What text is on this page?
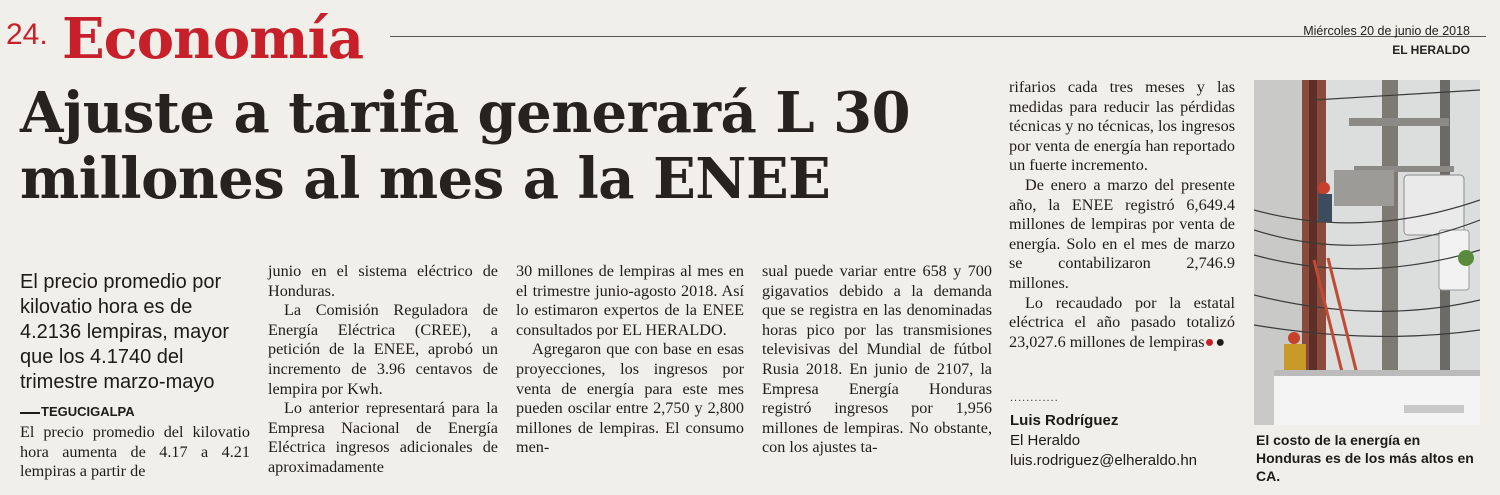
24. Economía	Miércoles 20 de junio de 2018
EL HERALDO
Ajuste a tarifa generará L 30
millones al mes a la ENEE

El precio promedio por kilovatio hora es de 4.2136 lempiras, mayor que los 4.1740 del trimestre marzo-mayo

TEGUCIGALPA

El precio promedio del kilovatio hora aumenta de 4.17 a 4.21 lempiras a partir de

junio en el sistema eléctrico de Honduras.

La Comisión Reguladora de Energía Eléctrica (CREE), a petición de la ENEE, aprobó un incremento de 3.96 centavos de lempira por Kwh.

Lo anterior representará para la Empresa Nacional de Energía Eléctrica ingresos adicionales de aproximadamente

30 millones de lempiras al mes en el trimestre junio-agosto 2018. Así lo estimaron expertos de la ENEE consultados por EL HERALDO.

Agregaron que con base en esas proyecciones, los ingresos por venta de energía para este mes pueden oscilar entre 2,750 y 2,800 millones de lempiras. El consumo men-

sual puede variar entre 658 y 700 gigavatios debido a la demanda que se registra en las denominadas horas pico por las transmisiones televisivas del Mundial de fútbol Rusia 2018. En junio de 2107, la Empresa Energía Honduras registró ingresos por 1,956 millones de lempiras. No obstante, con los ajustes ta-

rifarios cada tres meses y las medidas para reducir las pérdidas técnicas y no técnicas, los ingresos por venta de energía han reportado un fuerte incremento.

De enero a marzo del presente año, la ENEE registró 6,649.4 millones de lempiras por venta de energía. Solo en el mes de marzo se contabilizaron 2,746.9 millones.

Lo recaudado por la estatal eléctrica el año pasado totalizó 23,027.6 millones de lempiras●●

............
Luis Rodríguez
El Heraldo
luis.rodriguez@elheraldo.hn

El costo de la energía en Honduras es de los más altos en CA.
